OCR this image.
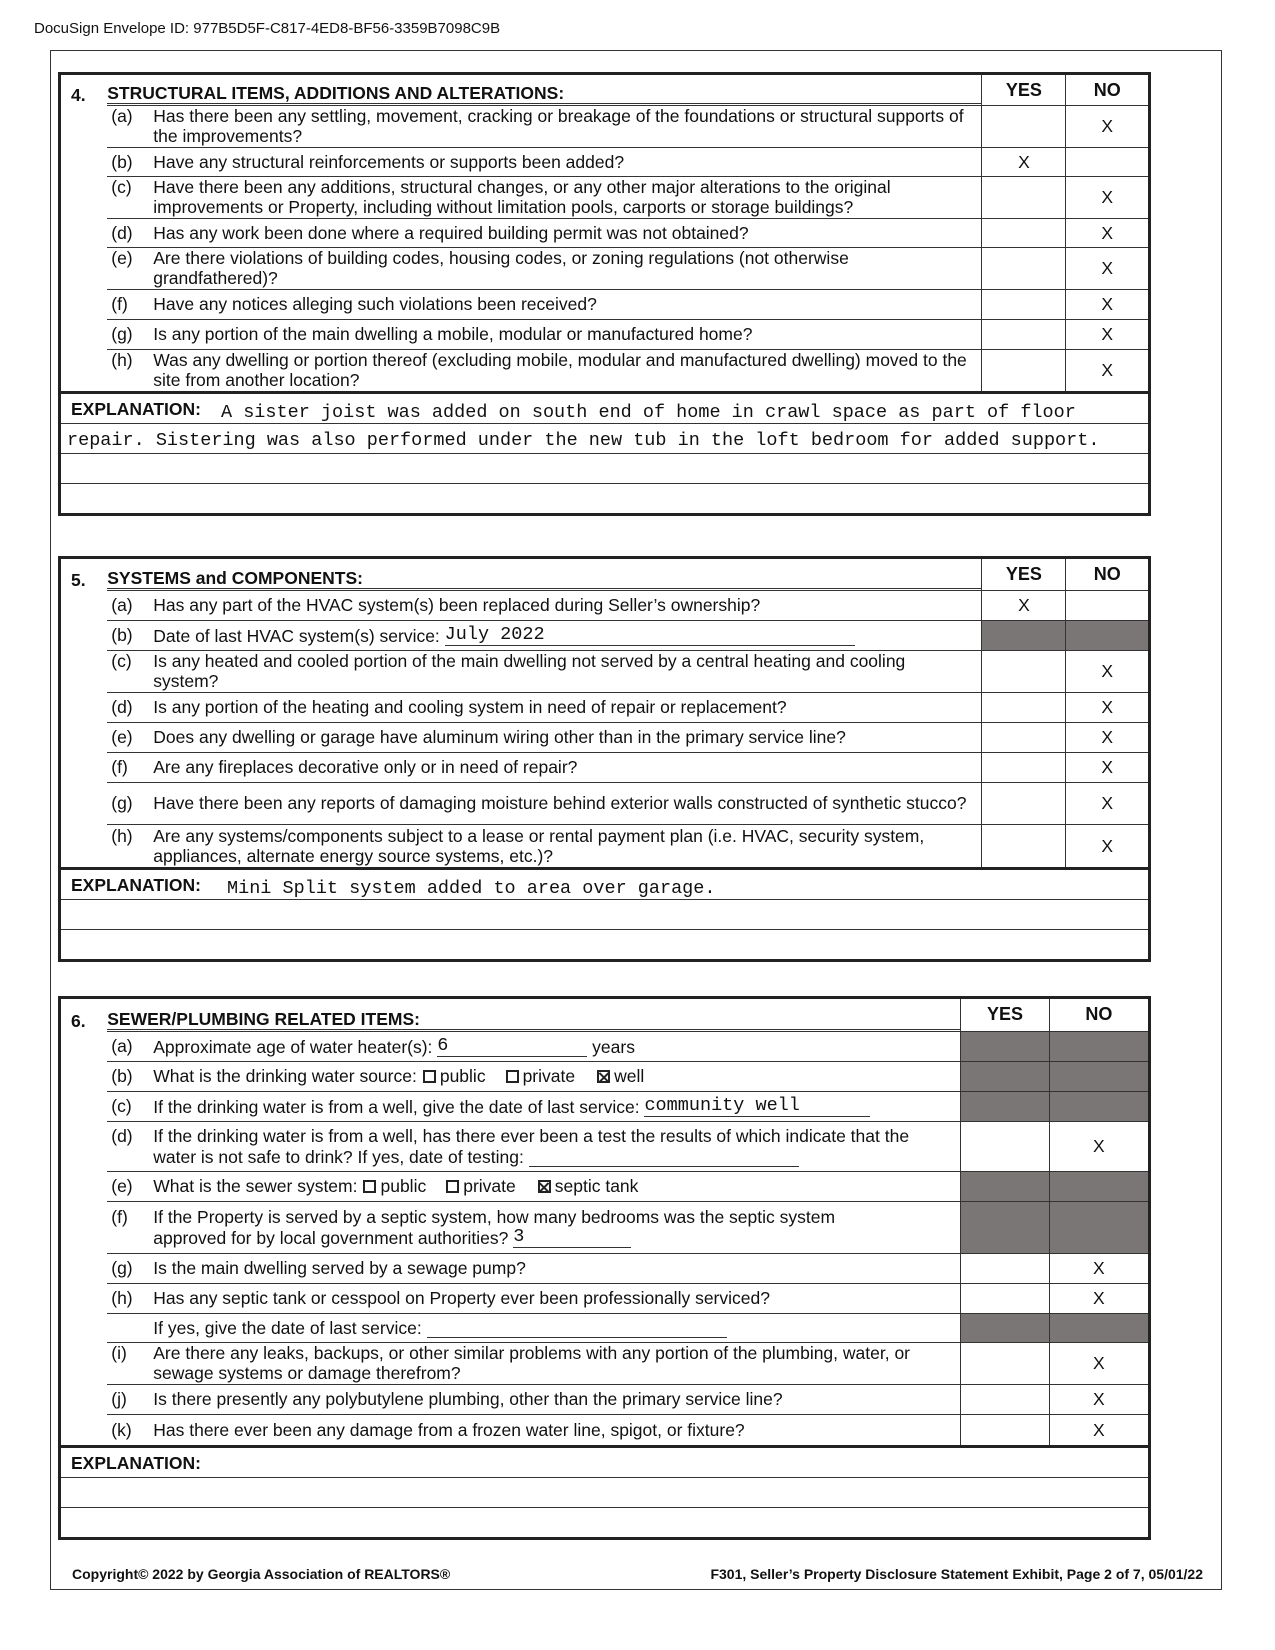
DocuSign Envelope ID: 977B5D5F-C817-4ED8-BF56-3359B7098C9B
4.	STRUCTURAL ITEMS, ADDITIONS AND ALTERATIONS:	YES	NO

	(a) Has there been any settling, movement, cracking or breakage of the foundations or structural supports of the improvements?		X

	(b) Have any structural reinforcements or supports been added?	X	

	(c) Have there been any additions, structural changes, or any other major alterations to the original improvements or Property, including without limitation pools, carports or storage buildings?		X

	(d) Has any work been done where a required building permit was not obtained?		X

	(e) Are there violations of building codes, housing codes, or zoning regulations (not otherwise grandfathered)?		X

	(f) Have any notices alleging such violations been received?		X

	(g) Is any portion of the main dwelling a mobile, modular or manufactured home?		X

	(h) Was any dwelling or portion thereof (excluding mobile, modular and manufactured dwelling) moved to the site from another location?		X
EXPLANATION: A sister joist was added on south end of home in crawl space as part of floor
repair. Sistering was also performed under the new tub in the loft bedroom for added support.
5.	SYSTEMS and COMPONENTS:	YES	NO

	(a) Has any part of the HVAC system(s) been replaced during Seller’s ownership?	X	

	(b) Date of last HVAC system(s) service: July 2022		

	(c) Is any heated and cooled portion of the main dwelling not served by a central heating and cooling system?		X

	(d) Is any portion of the heating and cooling system in need of repair or replacement?		X

	(e) Does any dwelling or garage have aluminum wiring other than in the primary service line?		X

	(f) Are any fireplaces decorative only or in need of repair?		X

	(g) Have there been any reports of damaging moisture behind exterior walls constructed of synthetic stucco?		X

	(h) Are any systems/components subject to a lease or rental payment plan (i.e. HVAC, security system, appliances, alternate energy source systems, etc.)?		X
EXPLANATION: Mini Split system added to area over garage.
6.	SEWER/PLUMBING RELATED ITEMS:	YES	NO

	(a) Approximate age of water heater(s): 6 years		

	(b) What is the drinking water source: public private well		

	(c) If the drinking water is from a well, give the date of last service: community well		

	(d) If the drinking water is from a well, has there ever been a test the results of which indicate that the water is not safe to drink? If yes, date of testing:		X

	(e) What is the sewer system: public private septic tank		

	(f) If the Property is served by a septic system, how many bedrooms was the septic system
approved for by local government authorities? 3		

	(g) Is the main dwelling served by a sewage pump?		X

	(h) Has any septic tank or cesspool on Property ever been professionally serviced?		X

	If yes, give the date of last service:		

	(i) Are there any leaks, backups, or other similar problems with any portion of the plumbing, water, or sewage systems or damage therefrom?		X

	(j) Is there presently any polybutylene plumbing, other than the primary service line?		X

	(k) Has there ever been any damage from a frozen water line, spigot, or fixture?		X
EXPLANATION:
Copyright© 2022 by Georgia Association of REALTORS®	F301, Seller’s Property Disclosure Statement Exhibit, Page 2 of 7, 05/01/22
